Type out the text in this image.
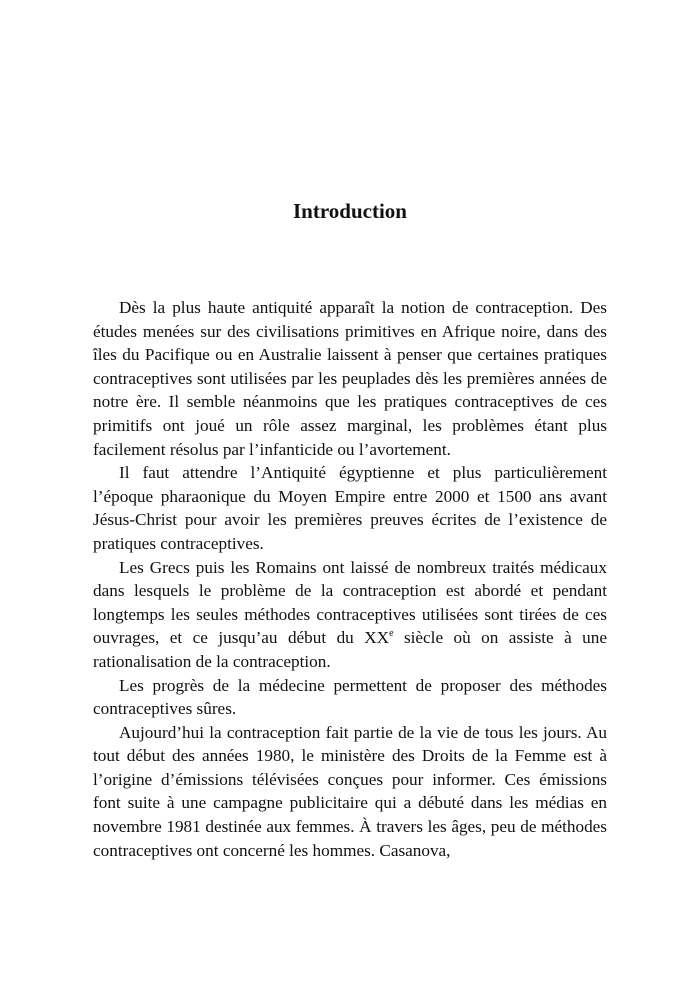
Introduction

Dès la plus haute antiquité apparaît la notion de contraception. Des études menées sur des civilisations primitives en Afrique noire, dans des îles du Pacifique ou en Australie laissent à penser que certaines pratiques contraceptives sont utilisées par les peuplades dès les premières années de notre ère. Il semble néanmoins que les pratiques contraceptives de ces primitifs ont joué un rôle assez marginal, les problèmes étant plus facilement résolus par l’infanticide ou l’avortement.

Il faut attendre l’Antiquité égyptienne et plus particulièrement l’époque pharaonique du Moyen Empire entre 2000 et 1500 ans avant Jésus-Christ pour avoir les premières preuves écrites de l’existence de pratiques contraceptives.

Les Grecs puis les Romains ont laissé de nombreux traités médicaux dans lesquels le problème de la contraception est abordé et pendant longtemps les seules méthodes contraceptives utilisées sont tirées de ces ouvrages, et ce jusqu’au début du XXe siècle où on assiste à une rationalisation de la contraception.

Les progrès de la médecine permettent de proposer des méthodes contraceptives sûres.

Aujourd’hui la contraception fait partie de la vie de tous les jours. Au tout début des années 1980, le ministère des Droits de la Femme est à l’origine d’émissions télévisées conçues pour informer. Ces émissions font suite à une campagne publicitaire qui a débuté dans les médias en novembre 1981 destinée aux femmes. À travers les âges, peu de méthodes contraceptives ont concerné les hommes. Casanova,
